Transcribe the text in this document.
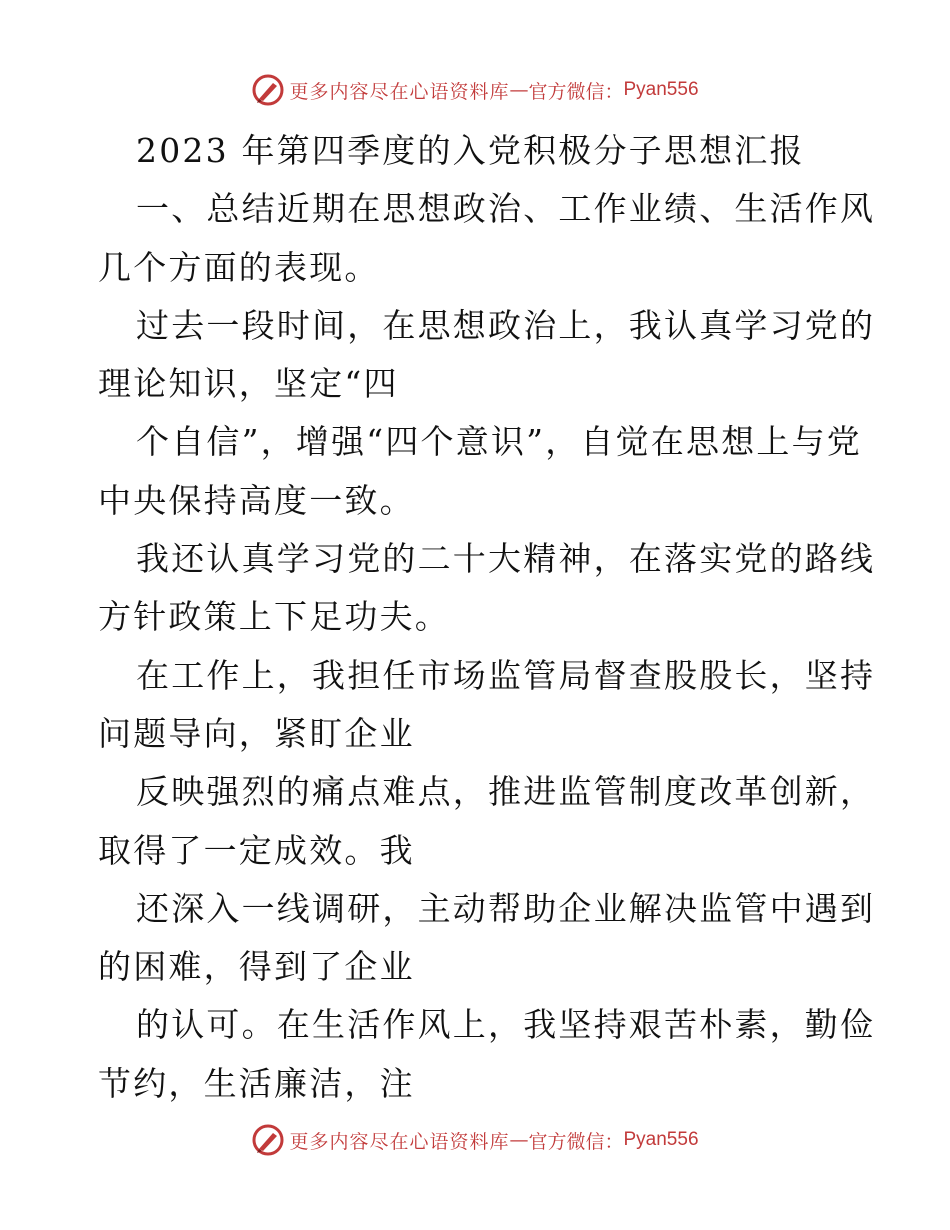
更多内容尽在心语资料库 — 官方微信： Pyan556
2023 年第四季度的入党积极分子思想汇报
一、总结近期在思想政治、工作业绩、生活作风
几个方面的表现。
过去一段时间，在思想政治上，我认真学习党的
理论知识，坚定“四
个自信”，增强“四个意识”，自觉在思想上与党
中央保持高度一致。
我还认真学习党的二十大精神，在落实党的路线
方针政策上下足功夫。
在工作上，我担任市场监管局督查股股长，坚持
问题导向，紧盯企业
反映强烈的痛点难点，推进监管制度改革创新，
取得了一定成效。我
还深入一线调研，主动帮助企业解决监管中遇到
的困难，得到了企业
的认可。在生活作风上，我坚持艰苦朴素，勤俭
节约，生活廉洁，注
更多内容尽在心语资料库 — 官方微信： Pyan556
